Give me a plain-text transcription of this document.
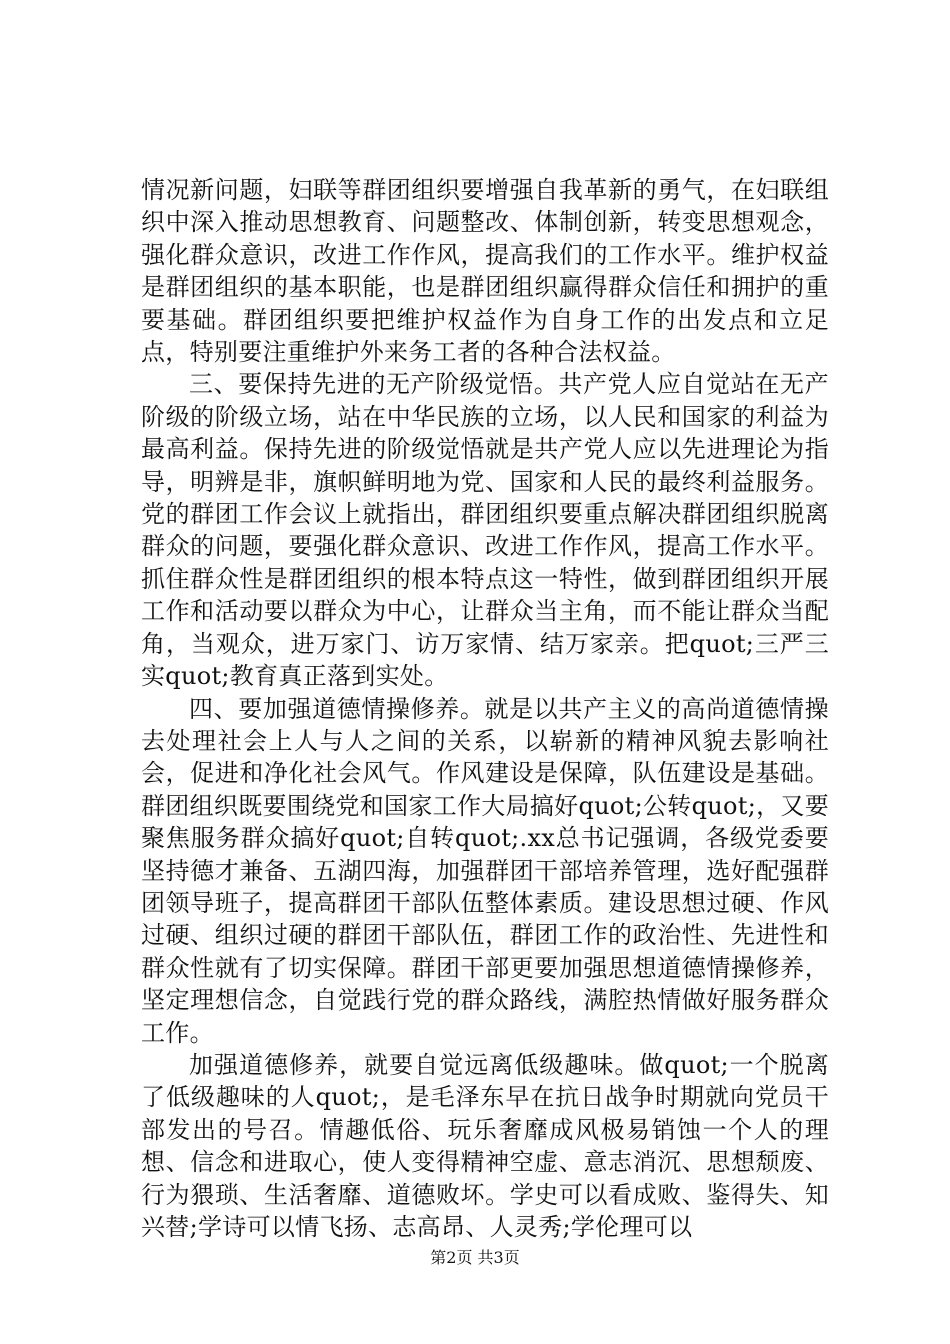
情况新问题，妇联等群团组织要增强自我革新的勇气，在妇联组织中深入推动思想教育、问题整改、体制创新，转变思想观念，强化群众意识，改进工作作风，提高我们的工作水平。维护权益是群团组织的基本职能，也是群团组织赢得群众信任和拥护的重要基础。群团组织要把维护权益作为自身工作的出发点和立足点，特别要注重维护外来务工者的各种合法权益。

三、要保持先进的无产阶级觉悟。共产党人应自觉站在无产阶级的阶级立场，站在中华民族的立场，以人民和国家的利益为最高利益。保持先进的阶级觉悟就是共产党人应以先进理论为指导，明辨是非，旗帜鲜明地为党、国家和人民的最终利益服务。党的群团工作会议上就指出，群团组织要重点解决群团组织脱离群众的问题，要强化群众意识、改进工作作风，提高工作水平。抓住群众性是群团组织的根本特点这一特性，做到群团组织开展工作和活动要以群众为中心，让群众当主角，而不能让群众当配角，当观众，进万家门、访万家情、结万家亲。把quot;三严三实quot;教育真正落到实处。

四、要加强道德情操修养。就是以共产主义的高尚道德情操去处理社会上人与人之间的关系，以崭新的精神风貌去影响社会，促进和净化社会风气。作风建设是保障，队伍建设是基础。群团组织既要围绕党和国家工作大局搞好quot;公转quot;，又要聚焦服务群众搞好quot;自转quot;.xx总书记强调，各级党委要坚持德才兼备、五湖四海，加强群团干部培养管理，选好配强群团领导班子，提高群团干部队伍整体素质。建设思想过硬、作风过硬、组织过硬的群团干部队伍，群团工作的政治性、先进性和群众性就有了切实保障。群团干部更要加强思想道德情操修养，坚定理想信念，自觉践行党的群众路线，满腔热情做好服务群众工作。

加强道德修养，就要自觉远离低级趣味。做quot;一个脱离了低级趣味的人quot;，是毛泽东早在抗日战争时期就向党员干部发出的号召。情趣低俗、玩乐奢靡成风极易销蚀一个人的理想、信念和进取心，使人变得精神空虚、意志消沉、思想颓废、行为猥琐、生活奢靡、道德败坏。学史可以看成败、鉴得失、知兴替;学诗可以情飞扬、志高昂、人灵秀;学伦理可以

第2页 共3页
